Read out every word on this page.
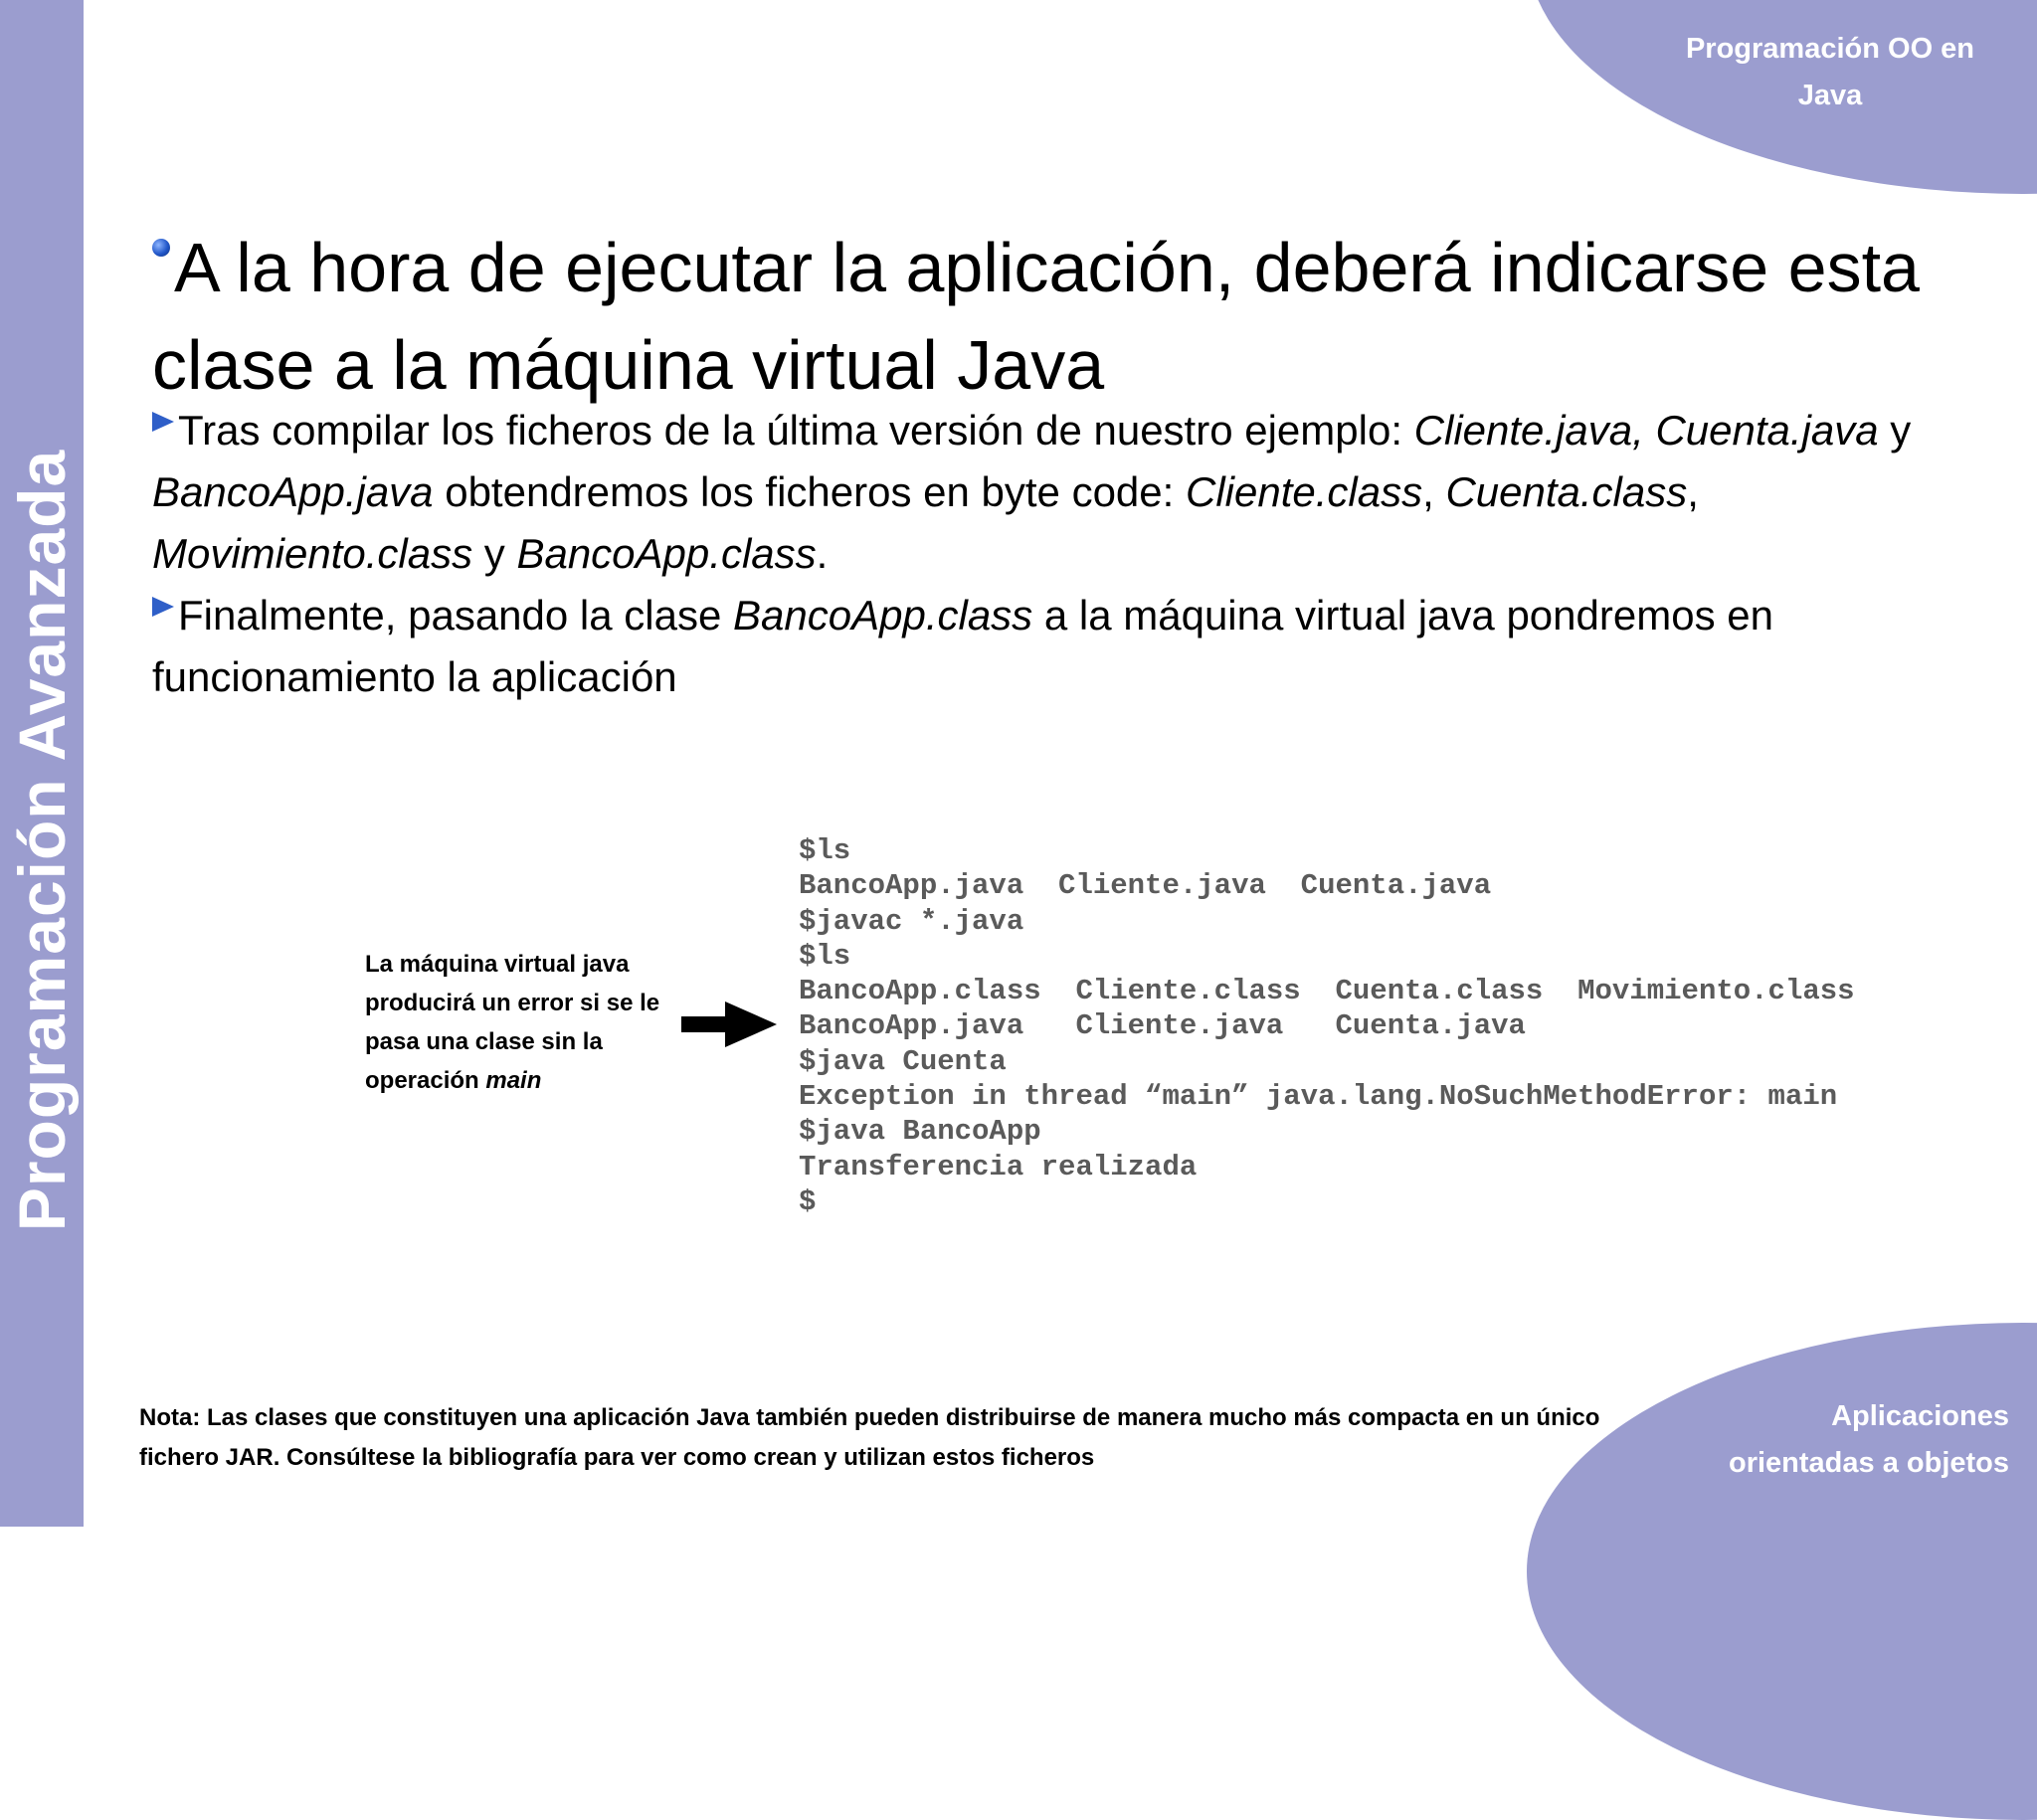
Programación Avanzada
Programación OO en
Java
Aplicaciones
orientadas a objetos
A la hora de ejecutar la aplicación, deberá indicarse esta clase a la máquina virtual Java
Tras compilar los ficheros de la última versión de nuestro ejemplo: Cliente.java, Cuenta.java y BancoApp.java obtendremos los ficheros en byte code: Cliente.class, Cuenta.class, Movimiento.class y BancoApp.class.
Finalmente, pasando la clase BancoApp.class a la máquina virtual java pondremos en funcionamiento la aplicación
La máquina virtual java producirá un error si se le pasa una clase sin la operación main
$ls
BancoApp.java  Cliente.java  Cuenta.java
$javac *.java
$ls
BancoApp.class  Cliente.class  Cuenta.class  Movimiento.class
BancoApp.java   Cliente.java   Cuenta.java
$java Cuenta
Exception in thread “main” java.lang.NoSuchMethodError: main
$java BancoApp
Transferencia realizada
$
Nota: Las clases que constituyen una aplicación Java también pueden distribuirse de manera mucho más compacta en un único fichero JAR. Consúltese la bibliografía para ver como crean y utilizan estos ficheros
